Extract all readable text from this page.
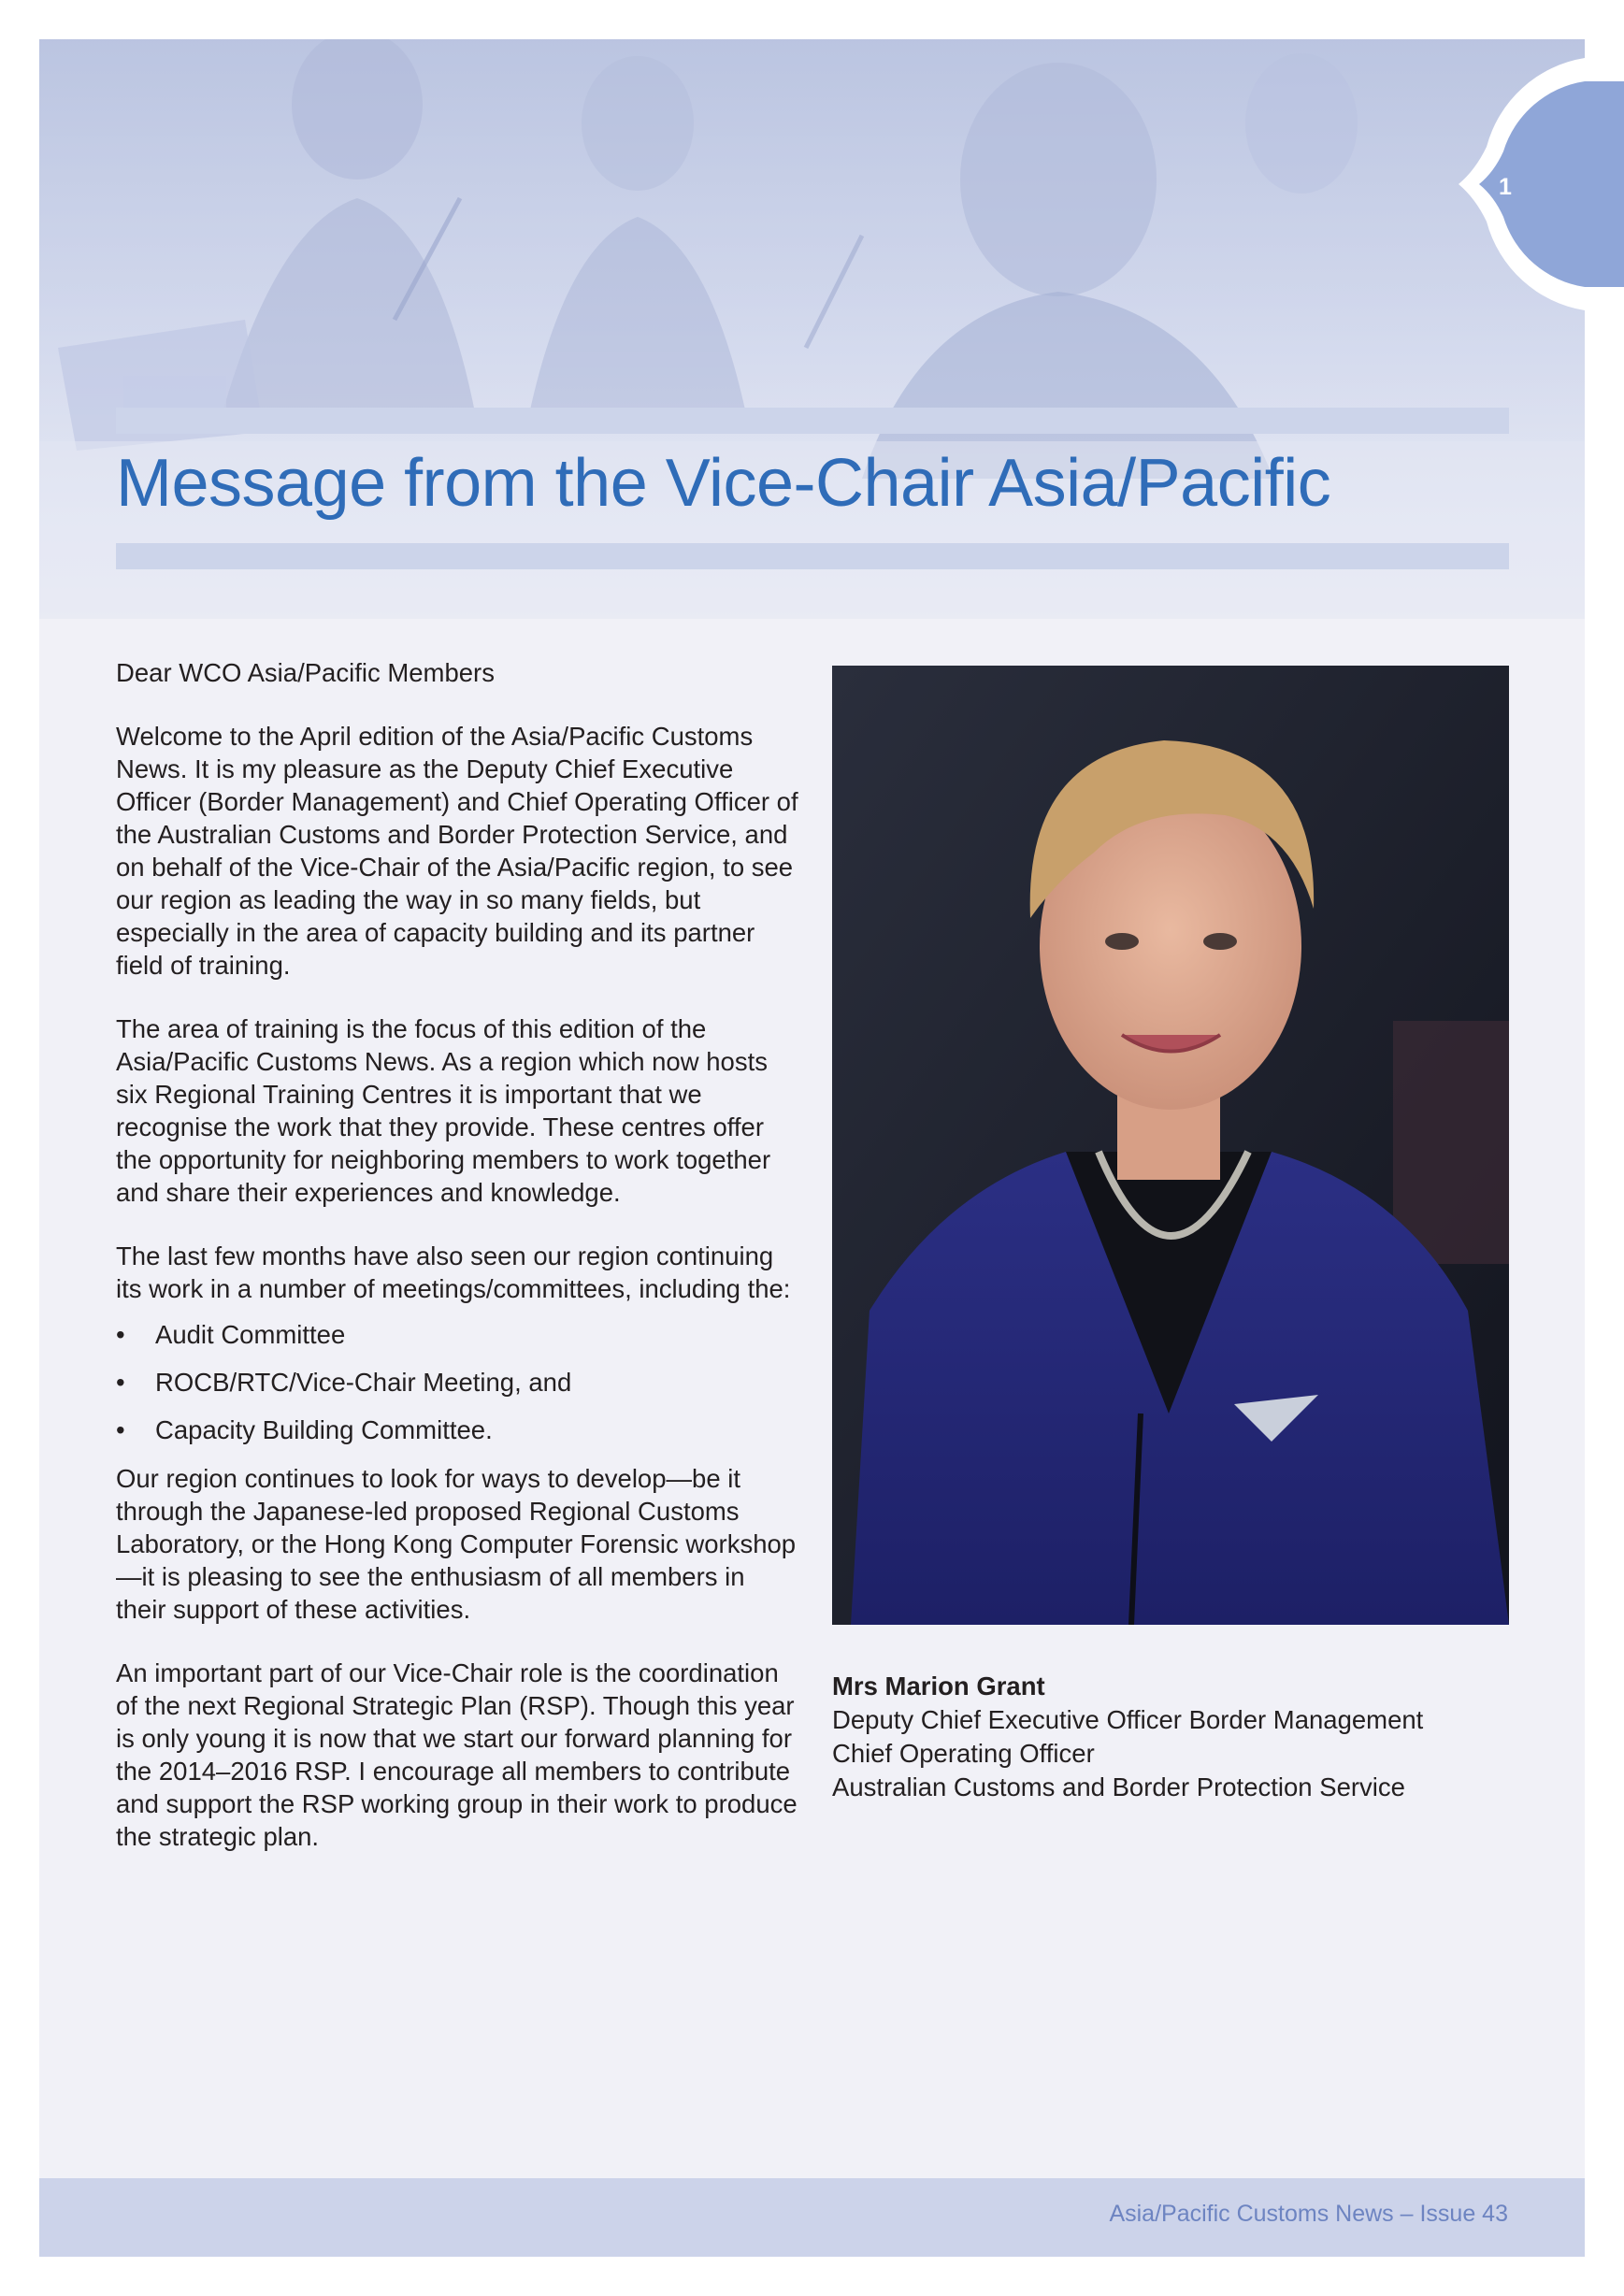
Message from the Vice-Chair Asia/Pacific

Dear WCO Asia/Pacific Members

Welcome to the April edition of the Asia/Pacific Customs News. It is my pleasure as the Deputy Chief Executive Officer (Border Management) and Chief Operating Officer of the Australian Customs and Border Protection Service, and on behalf of the Vice-Chair of the Asia/Pacific region, to see our region as leading the way in so many fields, but especially in the area of capacity building and its partner field of training.

The area of training is the focus of this edition of the Asia/Pacific Customs News. As a region which now hosts six Regional Training Centres it is important that we recognise the work that they provide. These centres offer the opportunity for neighboring members to work together and share their experiences and knowledge.

The last few months have also seen our region continuing its work in a number of meetings/committees, including the:

• Audit Committee
• ROCB/RTC/Vice-Chair Meeting, and
• Capacity Building Committee.

Our region continues to look for ways to develop—be it through the Japanese-led proposed Regional Customs Laboratory, or the Hong Kong Computer Forensic workshop—it is pleasing to see the enthusiasm of all members in their support of these activities.

An important part of our Vice-Chair role is the coordination of the next Regional Strategic Plan (RSP). Though this year is only young it is now that we start our forward planning for the 2014–2016 RSP. I encourage all members to contribute and support the RSP working group in their work to produce the strategic plan.

Mrs Marion Grant
Deputy Chief Executive Officer Border Management
Chief Operating Officer
Australian Customs and Border Protection Service
Asia/Pacific Customs News – Issue 43
1
